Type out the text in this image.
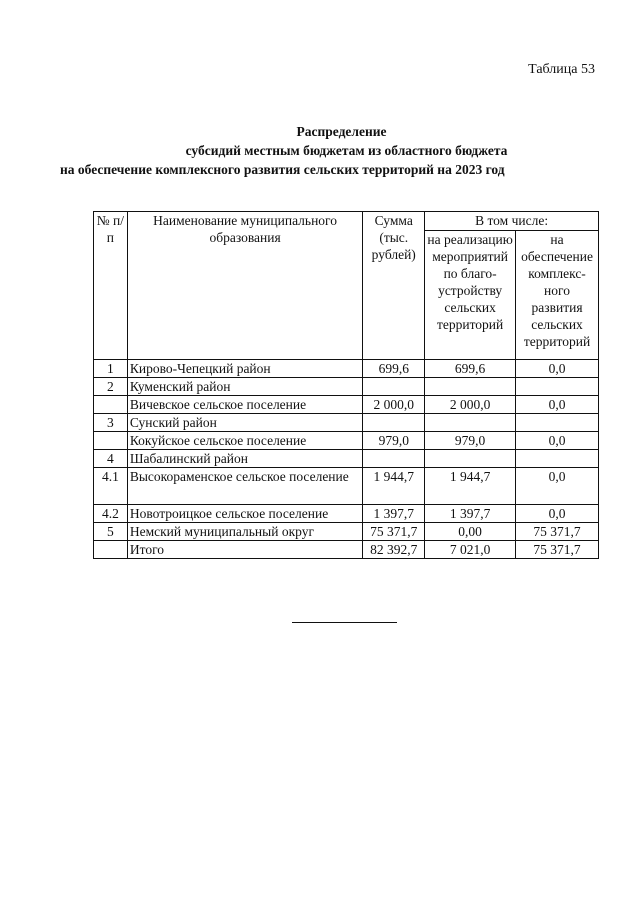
Таблица 53
Распределение
субсидий местным бюджетам из областного бюджета
на обеспечение комплексного развития сельских территорий на 2023 год
№ п/п	Наименование муниципального образования	Сумма (тыс. рублей)	В том числе:	
			на реализацию мероприятий по благо-устройству сельских территорий	на обеспечение комплекс-ного развития сельских территорий
1	Кирово-Чепецкий район	699,6	699,6	0,0
2	Куменский район			
	Вичевское сельское поселение	2 000,0	2 000,0	0,0
3	Сунский район			
	Кокуйское сельское поселение	979,0	979,0	0,0
4	Шабалинский район			
4.1	Высокораменское сельское поселение	1 944,7	1 944,7	0,0
4.2	Новотроицкое сельское поселение	1 397,7	1 397,7	0,0
5	Немский муниципальный округ	75 371,7	0,00	75 371,7
	Итого	82 392,7	7 021,0	75 371,7
